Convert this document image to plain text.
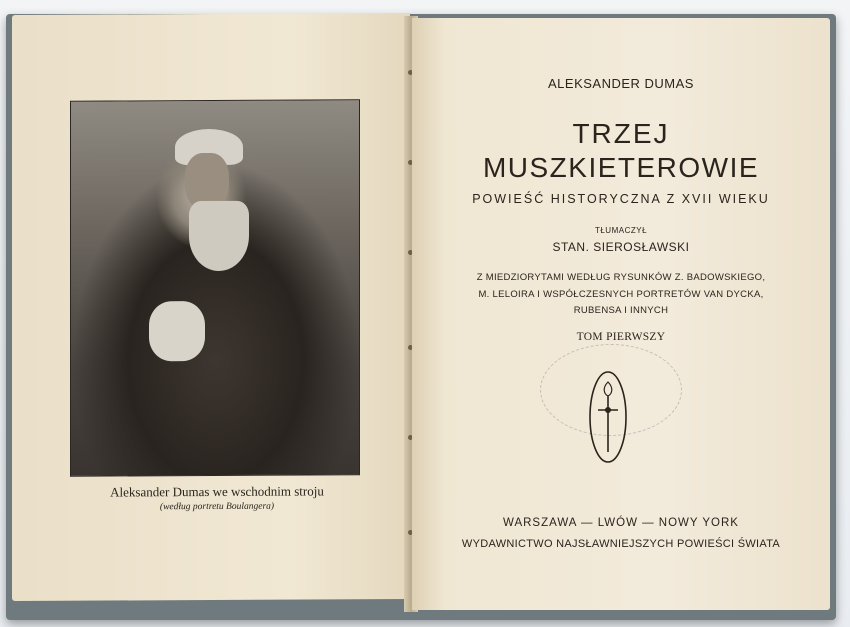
Aleksander Dumas we wschodnim stroju
(według portretu Boulangera)
ALEKSANDER DUMAS
TRZEJ
MUSZKIETEROWIE
POWIEŚĆ HISTORYCZNA Z XVII WIEKU
TŁUMACZYŁ
STAN. SIEROSŁAWSKI
Z MIEDZIORYTAMI WEDŁUG RYSUNKÓW Z. BADOWSKIEGO,
M. LELOIRA I WSPÓŁCZESNYCH PORTRETÓW VAN DYCKA,
RUBENSA I INNYCH
TOM PIERWSZY
WARSZAWA — LWÓW — NOWY YORK
WYDAWNICTWO NAJSŁAWNIEJSZYCH POWIEŚCI ŚWIATA
